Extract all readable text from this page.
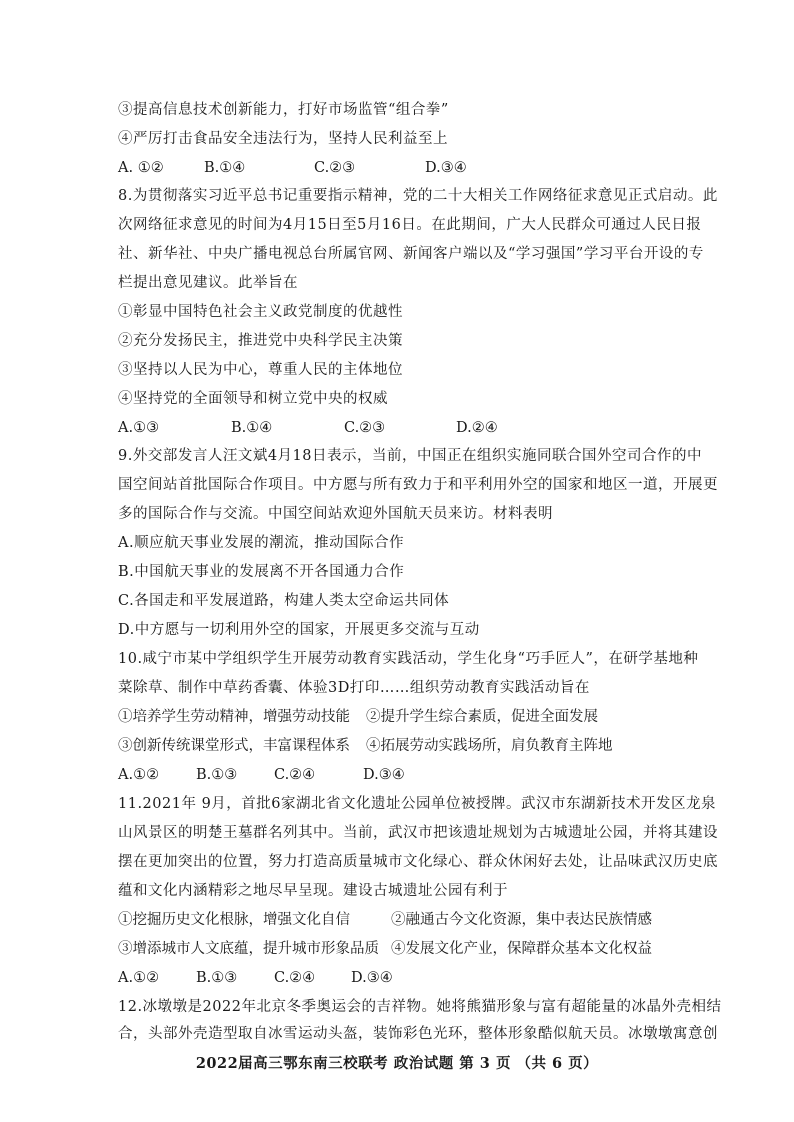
③提高信息技术创新能力，打好市场监管“组合拳”
④严厉打击食品安全违法行为，坚持人民利益至上
A. ①②	B.①④	C.②③	D.③④
8.为贯彻落实习近平总书记重要指示精神，党的二十大相关工作网络征求意见正式启动。此
次网络征求意见的时间为4月15日至5月16日。在此期间，广大人民群众可通过人民日报
社、新华社、中央广播电视总台所属官网、新闻客户端以及“学习强国”学习平台开设的专
栏提出意见建议。此举旨在
①彰显中国特色社会主义政党制度的优越性
②充分发扬民主，推进党中央科学民主决策
③坚持以人民为中心，尊重人民的主体地位
④坚持党的全面领导和树立党中央的权威
A.①③	B.①④	C.②③	D.②④
9.外交部发言人汪文斌4月18日表示，当前，中国正在组织实施同联合国外空司合作的中
国空间站首批国际合作项目。中方愿与所有致力于和平利用外空的国家和地区一道，开展更
多的国际合作与交流。中国空间站欢迎外国航天员来访。材料表明
A.顺应航天事业发展的潮流，推动国际合作
B.中国航天事业的发展离不开各国通力合作
C.各国走和平发展道路，构建人类太空命运共同体
D.中方愿与一切利用外空的国家，开展更多交流与互动
10.咸宁市某中学组织学生开展劳动教育实践活动，学生化身“巧手匠人”，在研学基地种
菜除草、制作中草药香囊、体验3D打印……组织劳动教育实践活动旨在
①培养学生劳动精神，增强劳动技能 ②提升学生综合素质，促进全面发展
③创新传统课堂形式，丰富课程体系 ④拓展劳动实践场所，肩负教育主阵地
A.①②	B.①③	C.②④	D.③④
11.2021年 9月，首批6家湖北省文化遗址公园单位被授牌。武汉市东湖新技术开发区龙泉
山风景区的明楚王墓群名列其中。当前，武汉市把该遗址规划为古城遗址公园，并将其建设
摆在更加突出的位置，努力打造高质量城市文化绿心、群众休闲好去处，让品味武汉历史底
蕴和文化内涵精彩之地尽早呈现。建设古城遗址公园有利于
①挖掘历史文化根脉，增强文化自信	②融通古今文化资源，集中表达民族情感
③增添城市人文底蕴，提升城市形象品质 ④发展文化产业，保障群众基本文化权益
A.①②	B.①③	C.②④ D.③④
12.冰墩墩是2022年北京冬季奥运会的吉祥物。她将熊猫形象与富有超能量的冰晶外壳相结
2022届高三鄂东南三校联考 政治试题 第 3 页 （共 6 页）
合，头部外壳造型取自冰雪运动头盔，装饰彩色光环，整体形象酷似航天员。冰墩墩寓意创
